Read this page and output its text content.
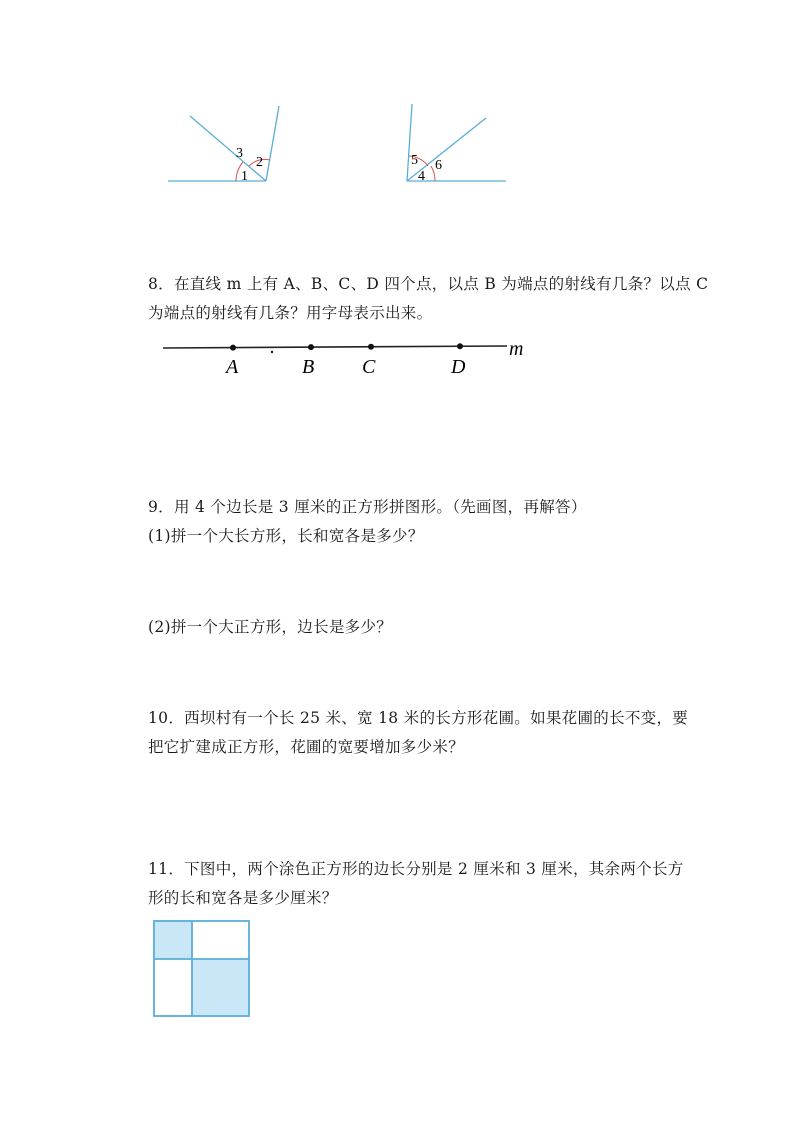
3
2
1
5 6
4
8．在直线 m 上有 A、B、C、D 四个点，以点 B 为端点的射线有几条？以点 C
为端点的射线有几条？用字母表示出来。
A	B C	D
m
9．用 4 个边长是 3 厘米的正方形拼图形。（先画图，再解答）
(1)拼一个大长方形，长和宽各是多少？
(2)拼一个大正方形，边长是多少？
10．西坝村有一个长 25 米、宽 18 米的长方形花圃。如果花圃的长不变，要
把它扩建成正方形，花圃的宽要增加多少米？
11．下图中，两个涂色正方形的边长分别是 2 厘米和 3 厘米，其余两个长方
形的长和宽各是多少厘米？
